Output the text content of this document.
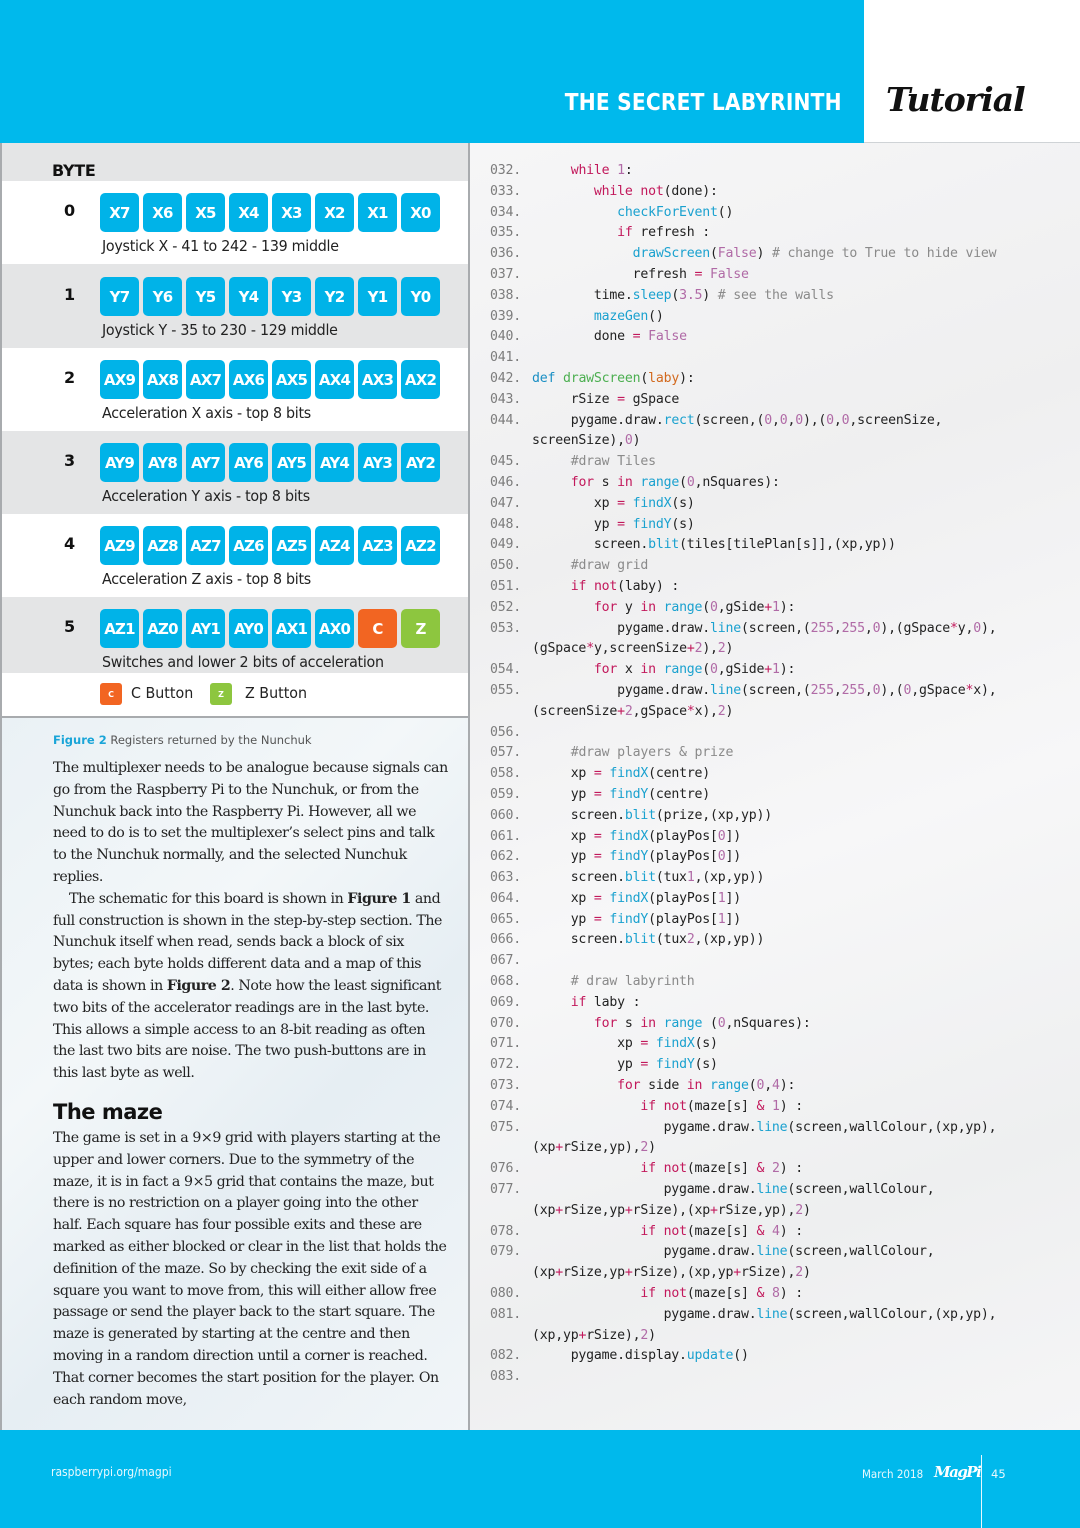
THE SECRET LABYRINTH Tutorial
BYTE
0	X7	X6	X5	X4	X3	X2	X1	X0
Joystick X - 41 to 242 - 139 middle
1	Y7	Y6	Y5	Y4	Y3	Y2	Y1	Y0
Joystick Y - 35 to 230 - 129 middle
2 AX9 AX8 AX7 AX6 AX5 AX4 AX3 AX2
Acceleration X axis - top 8 bits
3	AY9 AY8 AY7 AY6 AY5 AY4 AY3 AY2
Acceleration Y axis - top 8 bits
4 AZ9 AZ8 AZ7 AZ6 AZ5 AZ4 AZ3 AZ2
Acceleration Z axis - top 8 bits
5 AZ1 AZ0 AY1 AY0 AX1 AX0	C	Z
Switches and lower 2 bits of acceleration
C	C Button	Z	Z Button
Figure 2 Registers returned by the Nunchuk

The multiplexer needs to be analogue because signals can go from the Raspberry Pi to the Nunchuk, or from the Nunchuk back into the Raspberry Pi. However, all we need to do is to set the multiplexer’s select pins and talk to the Nunchuk normally, and the selected Nunchuk replies.

The schematic for this board is shown in Figure 1 and full construction is shown in the step-by-step section. The Nunchuk itself when read, sends back a block of six bytes; each byte holds different data and a map of this data is shown in Figure 2. Note how the least significant two bits of the accelerator readings are in the last byte. This allows a simple access to an 8-bit reading as often the last two bits are noise. The two push-buttons are in this last byte as well.

The maze

The game is set in a 9×9 grid with players starting at the upper and lower corners. Due to the symmetry of the maze, it is in fact a 9×5 grid that contains the maze, but there is no restriction on a player going into the other half. Each square has four possible exits and these are marked as either blocked or clear in the list that holds the definition of the maze. So by checking the exit side of a square you want to move from, this will either allow free passage or send the player back to the start square. The maze is generated by starting at the centre and then moving in a random direction until a corner is reached. That corner becomes the start position for the player. On each random move,

032.	while 1:
033.	while not(done):
034.	checkForEvent()
035.	if refresh :
036.	drawScreen(False) # change to True to hide view
037. refresh = False
038. time.sleep(3.5) # see the walls
039.	mazeGen()
040. done = False
041.
042. def drawScreen(laby):
043. rSize = gSpace
044. pygame.draw.rect(screen,(0,0,0),(0,0,screenSize,
screenSize),0)
045.	#draw Tiles
046.	for s in range(0,nSquares):
047. xp = findX(s)
048. yp = findY(s)
049. screen.blit(tiles[tilePlan[s]],(xp,yp))
050.	#draw grid
051.	if not(laby) :
052.	for y in range(0,gSide+1):
053. pygame.draw.line(screen,(255,255,0),(gSpace*y,0),
(gSpace*y,screenSize+2),2)
054.	for x in range(0,gSide+1):
055. pygame.draw.line(screen,(255,255,0),(0,gSpace*x),
(screenSize+2,gSpace*x),2)
056.
057.	#draw players & prize
058. xp = findX(centre)
059. yp = findY(centre)
060. screen.blit(prize,(xp,yp))
061. xp = findX(playPos[0])
062. yp = findY(playPos[0])
063. screen.blit(tux1,(xp,yp))
064. xp = findX(playPos[1])
065. yp = findY(playPos[1])
066. screen.blit(tux2,(xp,yp))
067.
068.	# draw labyrinth
069.	if laby :
070.	for s in range (0,nSquares):
071. xp = findX(s)
072. yp = findY(s)
073.	for side in range(0,4):
074.	if not(maze[s] & 1) :
075. pygame.draw.line(screen,wallColour,(xp,yp),
(xp+rSize,yp),2)
076.	if not(maze[s] & 2) :
077. pygame.draw.line(screen,wallColour,
(xp+rSize,yp+rSize),(xp+rSize,yp),2)
078.	if not(maze[s] & 4) :
079. pygame.draw.line(screen,wallColour,
(xp+rSize,yp+rSize),(xp,yp+rSize),2)
080.	if not(maze[s] & 8) :
081. pygame.draw.line(screen,wallColour,(xp,yp),
(xp,yp+rSize),2)
082. pygame.display.update()
083.
raspberrypi.org/magpi	March 2018 MagPi 45
